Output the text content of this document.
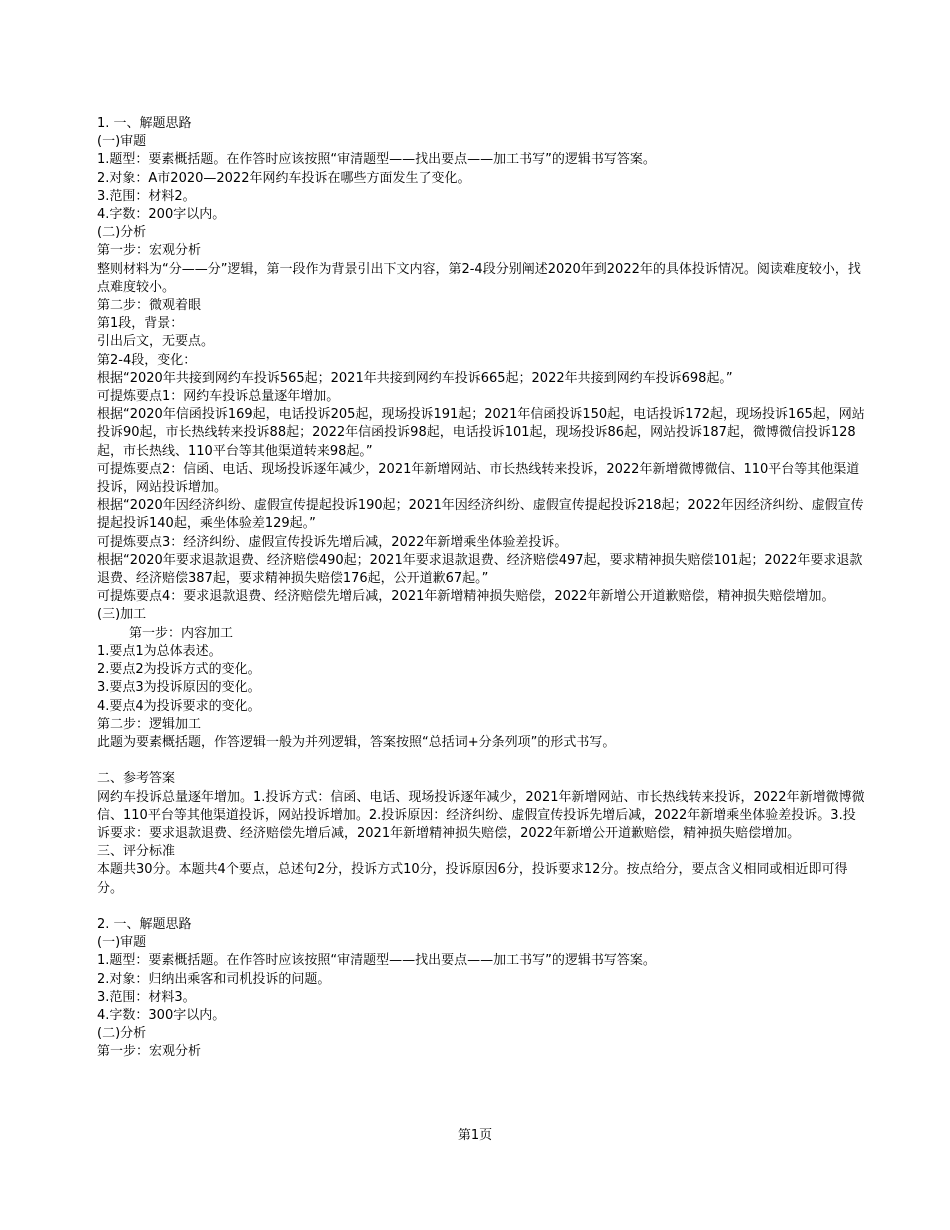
1. 一、解题思路
(一)审题
1.题型：要素概括题。在作答时应该按照“审清题型——找出要点——加工书写”的逻辑书写答案。
2.对象：A市2020—2022年网约车投诉在哪些方面发生了变化。
3.范围：材料2。
4.字数：200字以内。
(二)分析
第一步：宏观分析
整则材料为“分——分”逻辑，第一段作为背景引出下文内容，第2-4段分别阐述2020年到2022年的具体投诉情况。阅读难度较小，找点难度较小。
第二步：微观着眼
第1段，背景：
引出后文，无要点。
第2-4段，变化：
根据“2020年共接到网约车投诉565起；2021年共接到网约车投诉665起；2022年共接到网约车投诉698起。”
可提炼要点1：网约车投诉总量逐年增加。
根据“2020年信函投诉169起，电话投诉205起，现场投诉191起；2021年信函投诉150起，电话投诉172起，现场投诉165起，网站投诉90起，市长热线转来投诉88起；2022年信函投诉98起，电话投诉101起，现场投诉86起，网站投诉187起，微博微信投诉128起，市长热线、110平台等其他渠道转来98起。”
可提炼要点2：信函、电话、现场投诉逐年减少，2021年新增网站、市长热线转来投诉，2022年新增微博微信、110平台等其他渠道投诉，网站投诉增加。
根据“2020年因经济纠纷、虚假宣传提起投诉190起；2021年因经济纠纷、虚假宣传提起投诉218起；2022年因经济纠纷、虚假宣传提起投诉140起，乘坐体验差129起。”
可提炼要点3：经济纠纷、虚假宣传投诉先增后减，2022年新增乘坐体验差投诉。
根据“2020年要求退款退费、经济赔偿490起；2021年要求退款退费、经济赔偿497起，要求精神损失赔偿101起；2022年要求退款退费、经济赔偿387起，要求精神损失赔偿176起，公开道歉67起。”
可提炼要点4：要求退款退费、经济赔偿先增后减，2021年新增精神损失赔偿，2022年新增公开道歉赔偿，精神损失赔偿增加。
(三)加工
第一步：内容加工
1.要点1为总体表述。
2.要点2为投诉方式的变化。
3.要点3为投诉原因的变化。
4.要点4为投诉要求的变化。
第二步：逻辑加工
此题为要素概括题，作答逻辑一般为并列逻辑，答案按照“总括词+分条列项”的形式书写。
二、参考答案
网约车投诉总量逐年增加。1.投诉方式：信函、电话、现场投诉逐年减少，2021年新增网站、市长热线转来投诉，2022年新增微博微信、110平台等其他渠道投诉，网站投诉增加。2.投诉原因：经济纠纷、虚假宣传投诉先增后减，2022年新增乘坐体验差投诉。3.投诉要求：要求退款退费、经济赔偿先增后减，2021年新增精神损失赔偿，2022年新增公开道歉赔偿，精神损失赔偿增加。
三、评分标准
本题共30分。本题共4个要点，总述句2分，投诉方式10分，投诉原因6分，投诉要求12分。按点给分，要点含义相同或相近即可得分。
2. 一、解题思路
(一)审题
1.题型：要素概括题。在作答时应该按照“审清题型——找出要点——加工书写”的逻辑书写答案。
2.对象：归纳出乘客和司机投诉的问题。
3.范围：材料3。
4.字数：300字以内。
(二)分析
第一步：宏观分析
第1页
